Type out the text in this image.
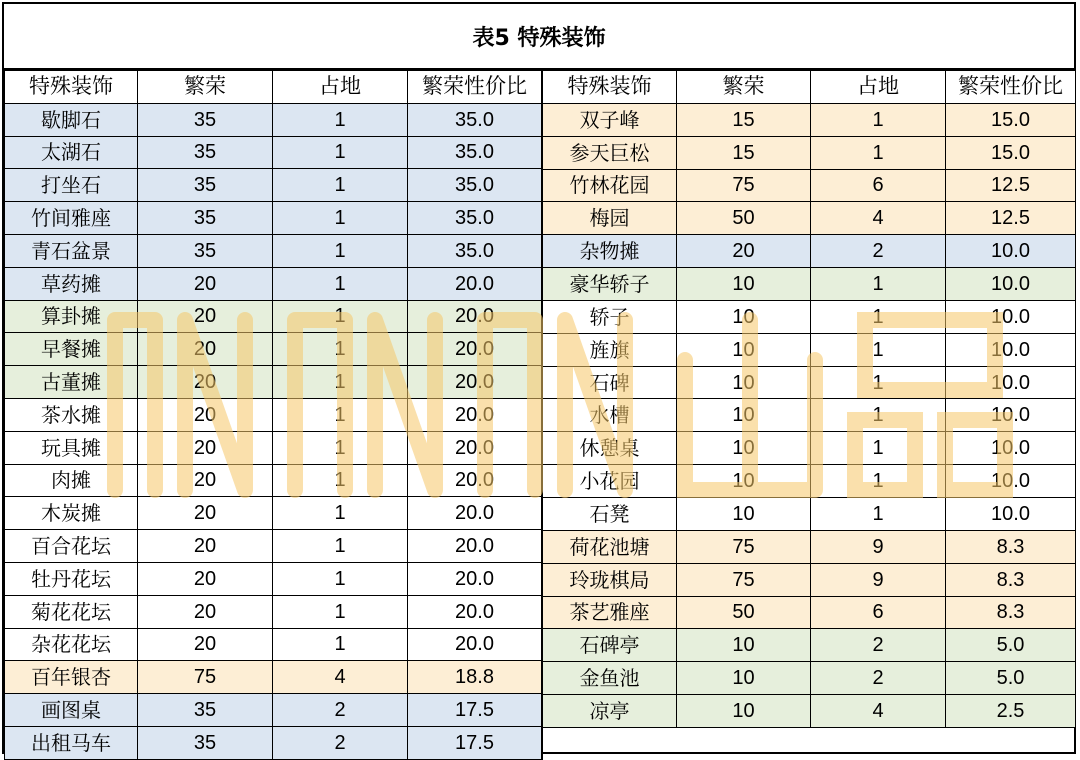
表5 特殊装饰
特殊装饰	繁荣	占地	繁荣性价比
歇脚石	35	1	35.0
太湖石	35	1	35.0
打坐石	35	1	35.0
竹间雅座	35	1	35.0
青石盆景	35	1	35.0
草药摊	20	1	20.0
算卦摊	20	1	20.0
早餐摊	20	1	20.0
古董摊	20	1	20.0
茶水摊	20	1	20.0
玩具摊	20	1	20.0
肉摊	20	1	20.0
木炭摊	20	1	20.0
百合花坛	20	1	20.0
牡丹花坛	20	1	20.0
菊花花坛	20	1	20.0
杂花花坛	20	1	20.0
百年银杏	75	4	18.8
画图桌	35	2	17.5
出租马车	35	2	17.5
特殊装饰	繁荣	占地	繁荣性价比
双子峰	15	1	15.0
参天巨松	15	1	15.0
竹林花园	75	6	12.5
梅园	50	4	12.5
杂物摊	20	2	10.0
豪华轿子	10	1	10.0
轿子	10	1	10.0
旌旗	10	1	10.0
石碑	10	1	10.0
水槽	10	1	10.0
休憩桌	10	1	10.0
小花园	10	1	10.0
石凳	10	1	10.0
荷花池塘	75	9	8.3
玲珑棋局	75	9	8.3
茶艺雅座	50	6	8.3
石碑亭	10	2	5.0
金鱼池	10	2	5.0
凉亭	10	4	2.5
